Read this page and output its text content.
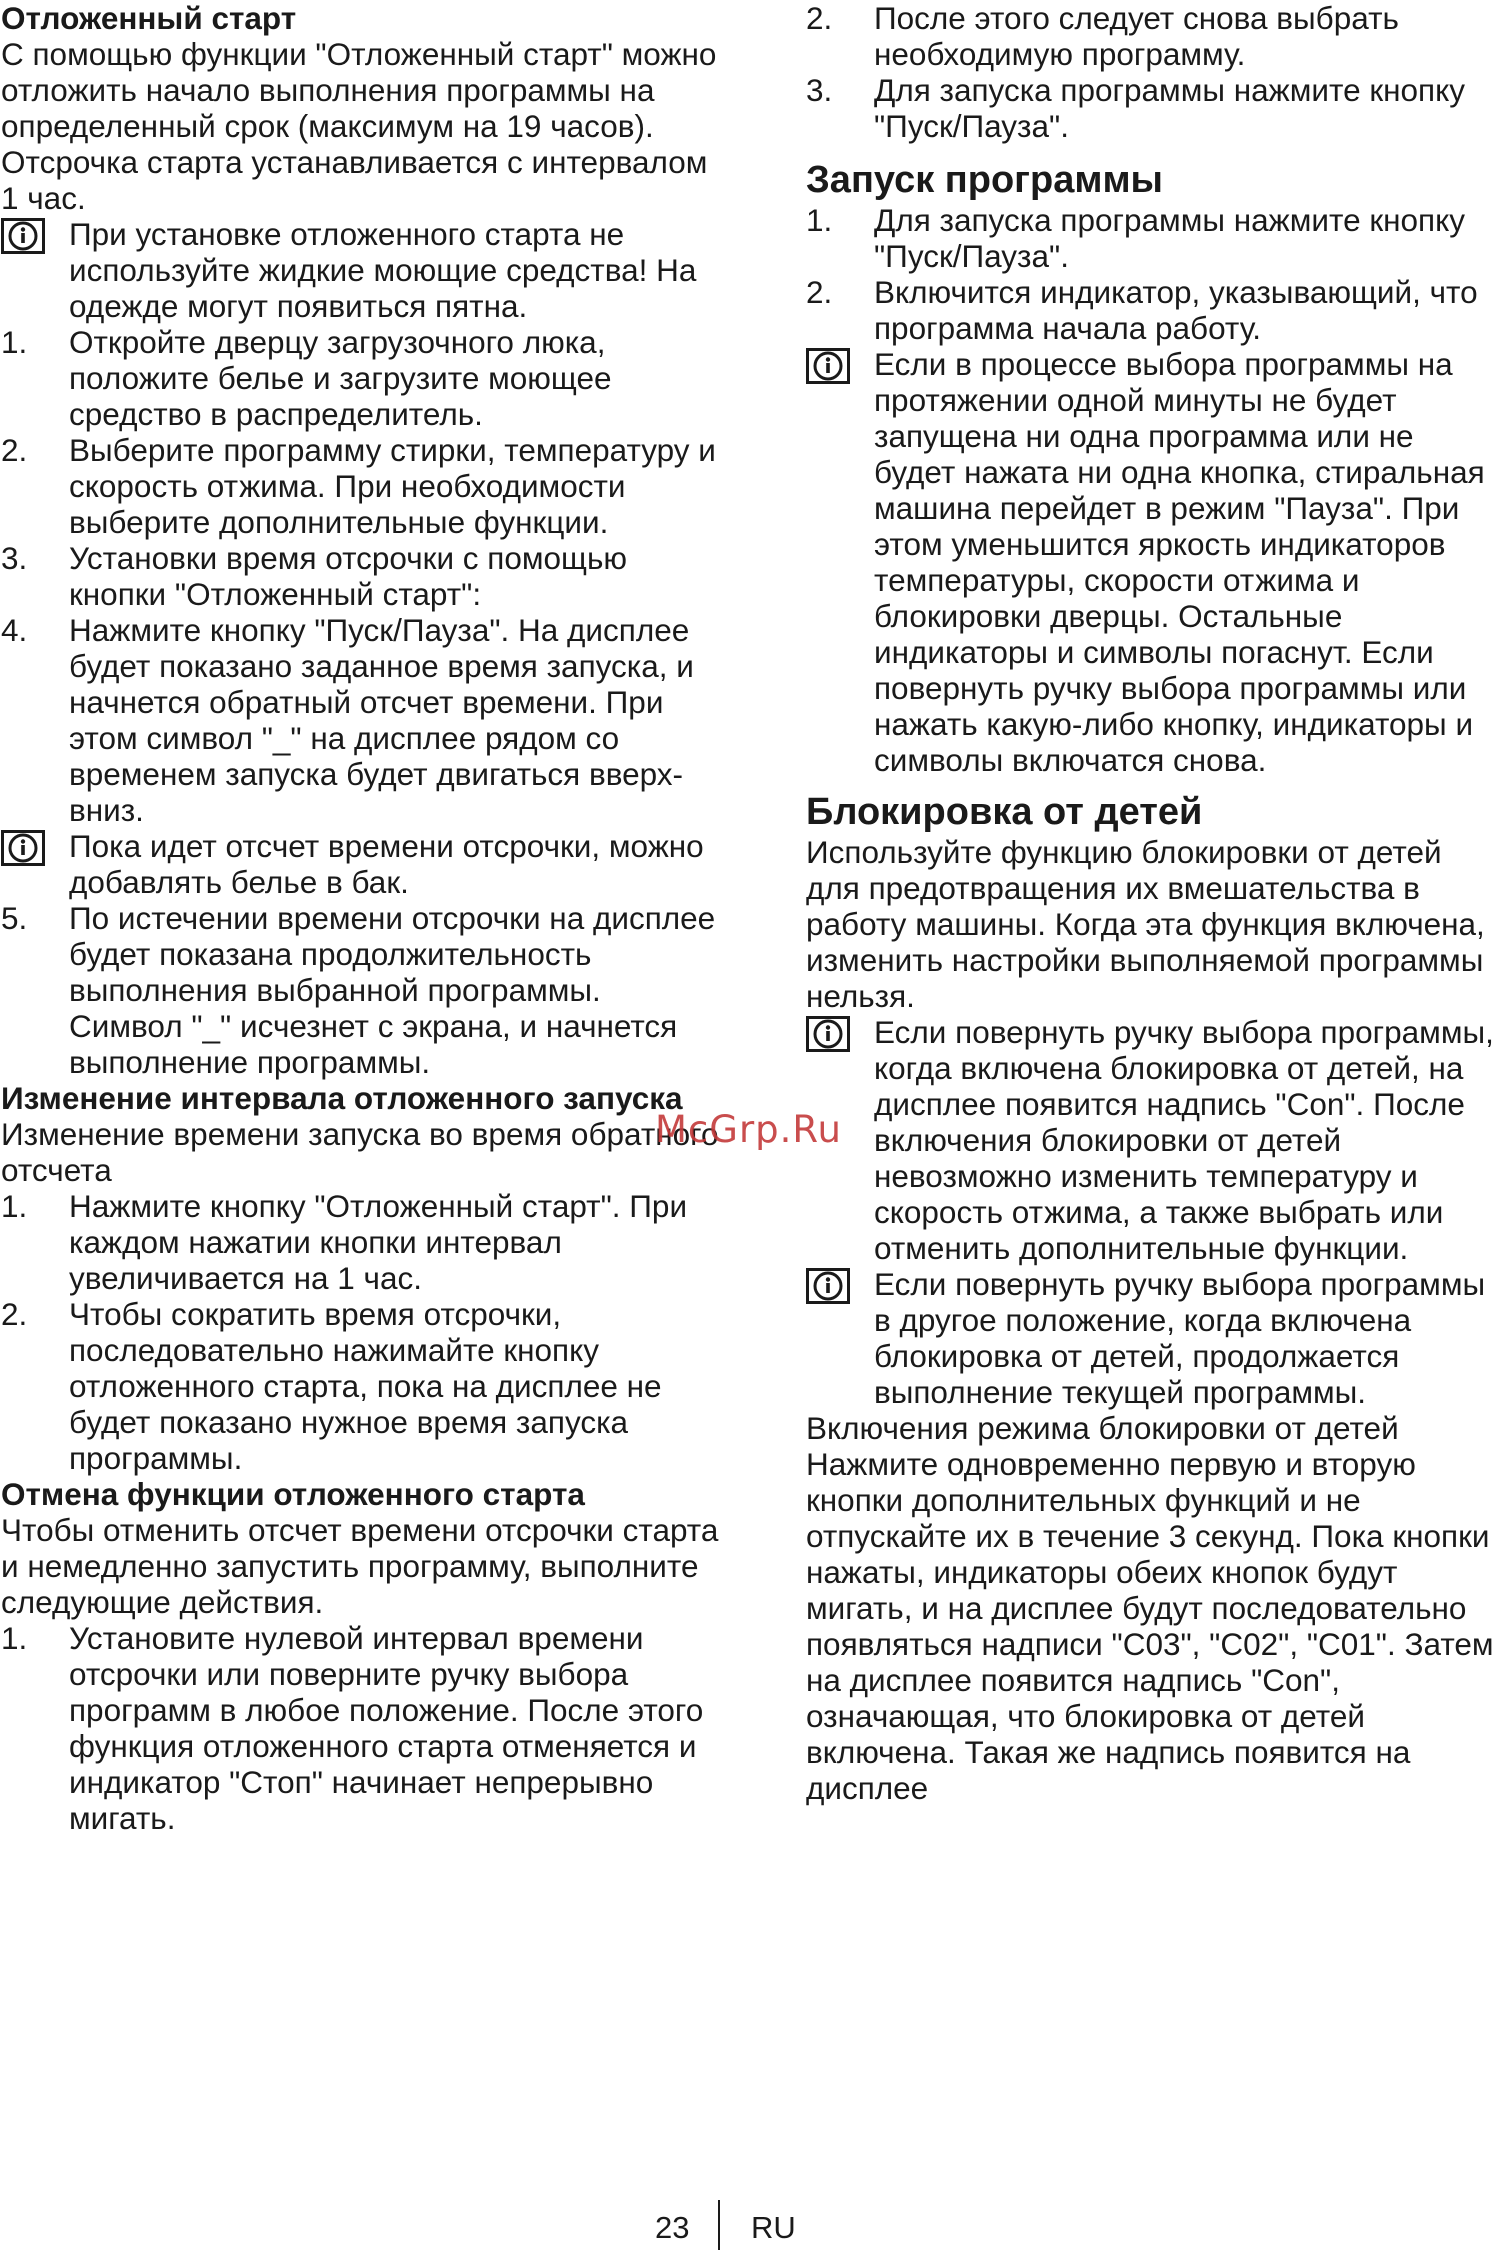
Отложенный старт

С помощью функции "Отложенный старт" можно отложить начало выполнения программы на определенный срок (максимум на 19 часов). Отсрочка старта устанавливается с интервалом 1 час.

При установке отложенного старта не используйте жидкие моющие средства! На одежде могут появиться пятна.
1. Откройте дверцу загрузочного люка, положите белье и загрузите моющее средство в распределитель.
2. Выберите программу стирки, температуру и скорость отжима. При необходимости выберите дополнительные функции.
3. Установки время отсрочки с помощью кнопки "Отложенный старт":
4. Нажмите кнопку "Пуск/Пауза". На дисплее будет показано заданное время запуска, и начнется обратный отсчет времени. При этом символ "_" на дисплее рядом со временем запуска будет двигаться вверх-вниз.
Пока идет отсчет времени отсрочки, можно добавлять белье в бак.
5. По истечении времени отсрочки на дисплее будет показана продолжительность выполнения выбранной программы. Символ "_" исчезнет с экрана, и начнется выполнение программы.

Изменение интервала отложенного запуска

Изменение времени запуска во время обратного отсчета

1. Нажмите кнопку "Отложенный старт". При каждом нажатии кнопки интервал увеличивается на 1 час.
2. Чтобы сократить время отсрочки, последовательно нажимайте кнопку отложенного старта, пока на дисплее не будет показано нужное время запуска программы.

Отмена функции отложенного старта

Чтобы отменить отсчет времени отсрочки старта и немедленно запустить программу, выполните следующие действия.

1. Установите нулевой интервал времени отсрочки или поверните ручку выбора программ в любое положение. После этого функция отложенного старта отменяется и индикатор "Стоп" начинает непрерывно мигать.
2. После этого следует снова выбрать необходимую программу.
3. Для запуска программы нажмите кнопку "Пуск/Пауза".

Запуск программы

1. Для запуска программы нажмите кнопку "Пуск/Пауза".
2. Включится индикатор, указывающий, что программа начала работу.
Если в процессе выбора программы на протяжении одной минуты не будет запущена ни одна программа или не будет нажата ни одна кнопка, стиральная машина перейдет в режим "Пауза". При этом уменьшится яркость индикаторов температуры, скорости отжима и блокировки дверцы. Остальные индикаторы и символы погаснут. Если повернуть ручку выбора программы или нажать какую-либо кнопку, индикаторы и символы включатся снова.

Блокировка от детей

Используйте функцию блокировки от детей для предотвращения их вмешательства в работу машины. Когда эта функция включена, изменить настройки выполняемой программы нельзя.

Если повернуть ручку выбора программы, когда включена блокировка от детей, на дисплее появится надпись "Con". После включения блокировки от детей невозможно изменить температуру и скорость отжима, а также выбрать или отменить дополнительные функции.
Если повернуть ручку выбора программы в другое положение, когда включена блокировка от детей, продолжается выполнение текущей программы.

Включения режима блокировки от детей

Нажмите одновременно первую и вторую кнопки дополнительных функций и не отпускайте их в течение 3 секунд. Пока кнопки нажаты, индикаторы обеих кнопок будут мигать, и на дисплее будут последовательно появляться надписи "C03", "C02", "C01". Затем на дисплее появится надпись "Con", означающая, что блокировка от детей включена. Такая же надпись появится на дисплее

McGrp.Ru
23 RU
